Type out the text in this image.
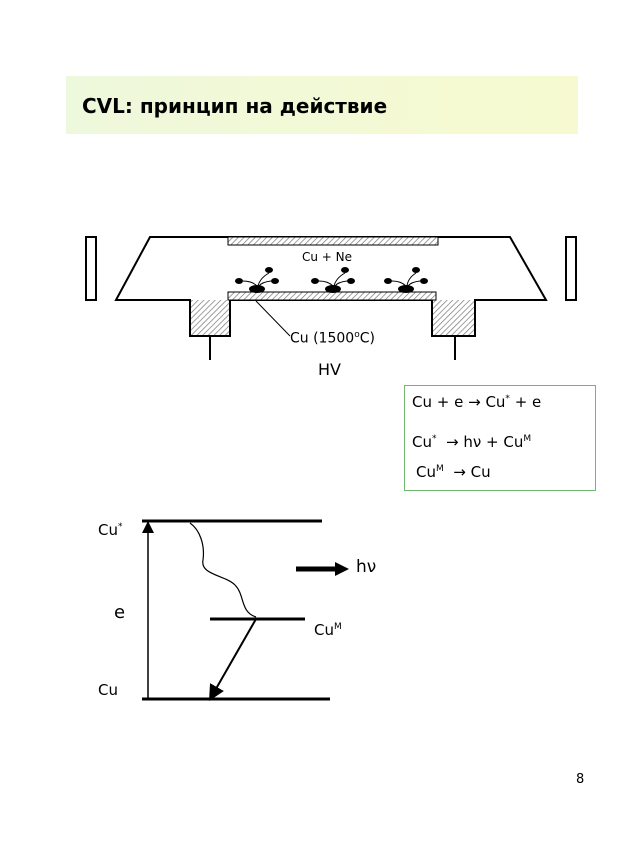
CVL: принцип на действие
Cu + Ne
Cu (1500$^o$C)
HV
Cu + e → Cu* + e
$Cu^* \to h\nu + Cu^M$
$Cu^M \to Cu$
Cu*
e
Cu
$Cu^M$
hν
8
